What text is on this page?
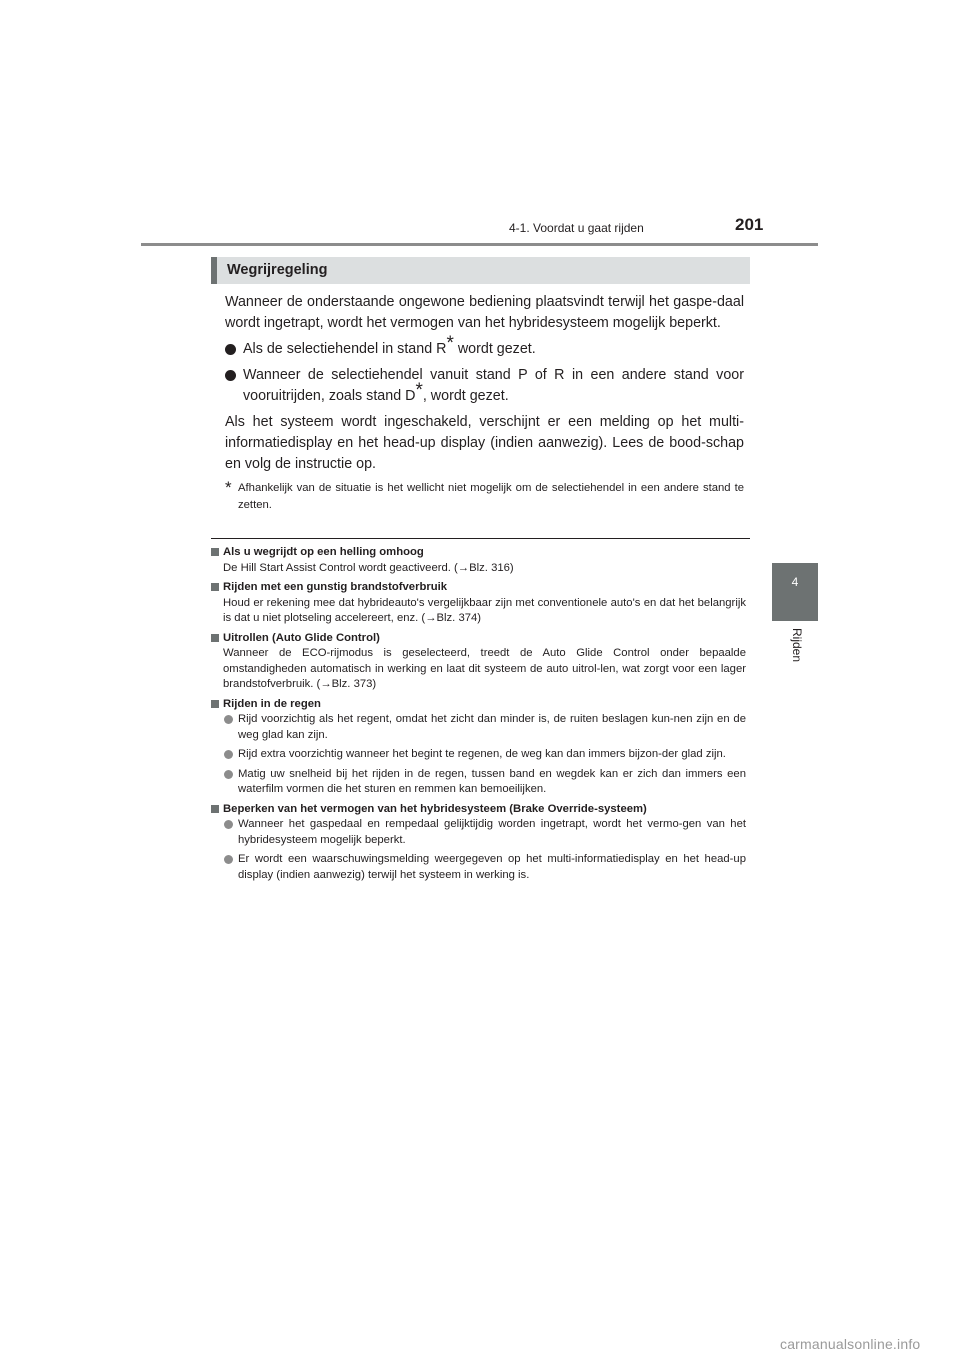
4-1. Voordat u gaat rijden	201
4
Rijden
Wegrijregeling

Wanneer de onderstaande ongewone bediening plaatsvindt terwijl het gaspe-daal wordt ingetrapt, wordt het vermogen van het hybridesysteem mogelijk beperkt.

Als de selectiehendel in stand R* wordt gezet.
Wanneer de selectiehendel vanuit stand P of R in een andere stand voor vooruitrijden, zoals stand D*, wordt gezet.

Als het systeem wordt ingeschakeld, verschijnt er een melding op het multi-informatiedisplay en het head-up display (indien aanwezig). Lees de bood-schap en volg de instructie op.

* Afhankelijk van de situatie is het wellicht niet mogelijk om de selectiehendel in een andere stand te zetten.
Als u wegrijdt op een helling omhoog
De Hill Start Assist Control wordt geactiveerd. (→Blz. 316)
Rijden met een gunstig brandstofverbruik
Houd er rekening mee dat hybrideauto's vergelijkbaar zijn met conventionele auto's en dat het belangrijk is dat u niet plotseling accelereert, enz. (→Blz. 374)
Uitrollen (Auto Glide Control)
Wanneer de ECO-rijmodus is geselecteerd, treedt de Auto Glide Control onder bepaalde omstandigheden automatisch in werking en laat dit systeem de auto uitrol-len, wat zorgt voor een lager brandstofverbruik. (→Blz. 373)
Rijden in de regen
Rijd voorzichtig als het regent, omdat het zicht dan minder is, de ruiten beslagen kun-nen zijn en de weg glad kan zijn.
Rijd extra voorzichtig wanneer het begint te regenen, de weg kan dan immers bijzon-der glad zijn.
Matig uw snelheid bij het rijden in de regen, tussen band en wegdek kan er zich dan immers een waterfilm vormen die het sturen en remmen kan bemoeilijken.
Beperken van het vermogen van het hybridesysteem (Brake Override-systeem)
Wanneer het gaspedaal en rempedaal gelijktijdig worden ingetrapt, wordt het vermo-gen van het hybridesysteem mogelijk beperkt.
Er wordt een waarschuwingsmelding weergegeven op het multi-informatiedisplay en het head-up display (indien aanwezig) terwijl het systeem in werking is.
carmanualsonline.info
